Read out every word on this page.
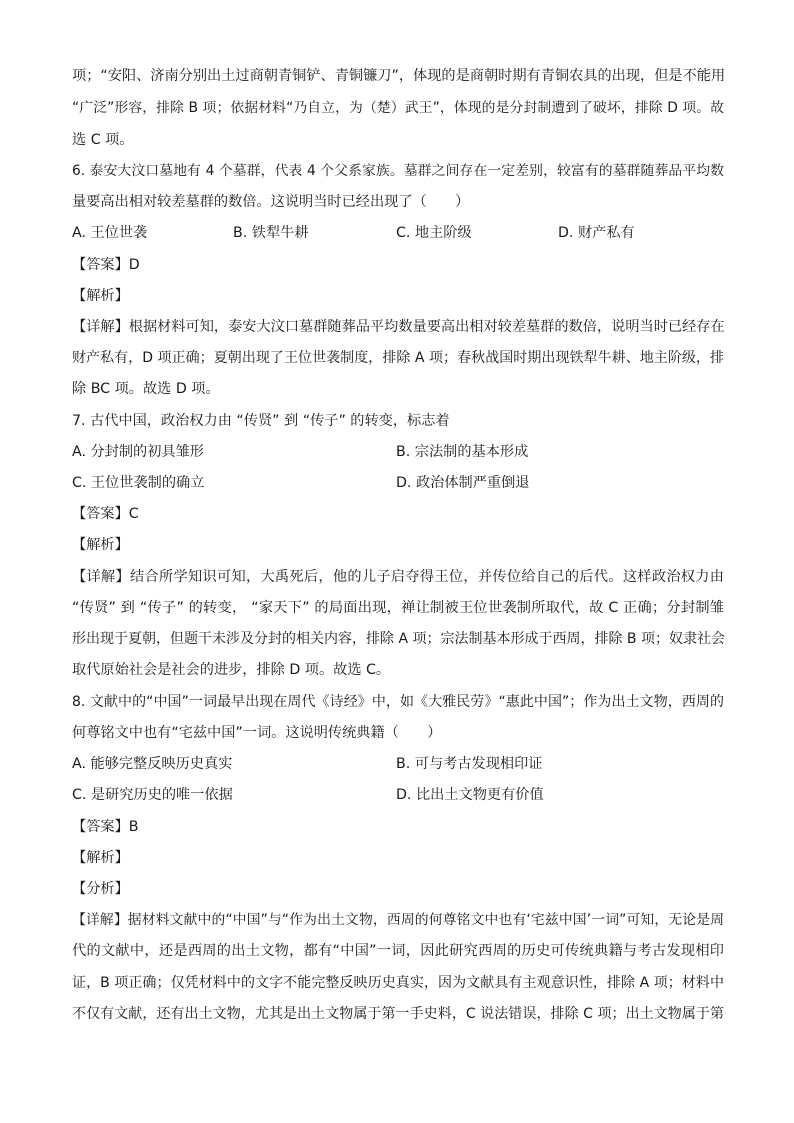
项；“安阳、济南分别出土过商朝青铜铲、青铜镰刀”，体现的是商朝时期有青铜农具的出现，但是不能用
“广泛”形容，排除 B 项；依据材料“乃自立，为（楚）武王”，体现的是分封制遭到了破坏，排除 D 项。故
选 C 项。
6. 泰安大汶口墓地有 4 个墓群，代表 4 个父系家族。墓群之间存在一定差别，较富有的墓群随葬品平均数
量要高出相对较差墓群的数倍。这说明当时已经出现了（　　）
A. 王位世袭	B. 铁犁牛耕	C. 地主阶级	D. 财产私有
【答案】D
【解析】
【详解】根据材料可知，泰安大汶口墓群随葬品平均数量要高出相对较差墓群的数倍，说明当时已经存在
财产私有，D 项正确；夏朝出现了王位世袭制度，排除 A 项；春秋战国时期出现铁犁牛耕、地主阶级，排
除 BC 项。故选 D 项。
7. 古代中国，政治权力由 “传贤” 到 “传子” 的转变，标志着
A. 分封制的初具雏形	B. 宗法制的基本形成
C. 王位世袭制的确立	D. 政治体制严重倒退
【答案】C
【解析】
【详解】结合所学知识可知，大禹死后，他的儿子启夺得王位，并传位给自己的后代。这样政治权力由
“传贤” 到 “传子” 的转变， “家天下” 的局面出现，禅让制被王位世袭制所取代，故 C 正确；分封制雏
形出现于夏朝，但题干未涉及分封的相关内容，排除 A 项；宗法制基本形成于西周，排除 B 项；奴隶社会
取代原始社会是社会的进步，排除 D 项。故选 C。
8. 文献中的“中国”一词最早出现在周代《诗经》中，如《大雅民劳》“惠此中国”；作为出土文物，西周的
何尊铭文中也有“宅兹中国”一词。这说明传统典籍（　　）
A. 能够完整反映历史真实	B. 可与考古发现相印证
C. 是研究历史的唯一依据	D. 比出土文物更有价值
【答案】B
【解析】
【分析】
【详解】据材料文献中的“中国”与“作为出土文物，西周的何尊铭文中也有‘宅兹中国’一词”可知，无论是周
代的文献中，还是西周的出土文物，都有“中国”一词，因此研究西周的历史可传统典籍与考古发现相印
证，B 项正确；仅凭材料中的文字不能完整反映历史真实，因为文献具有主观意识性，排除 A 项；材料中
不仅有文献，还有出土文物，尤其是出土文物属于第一手史料，C 说法错误，排除 C 项；出土文物属于第
